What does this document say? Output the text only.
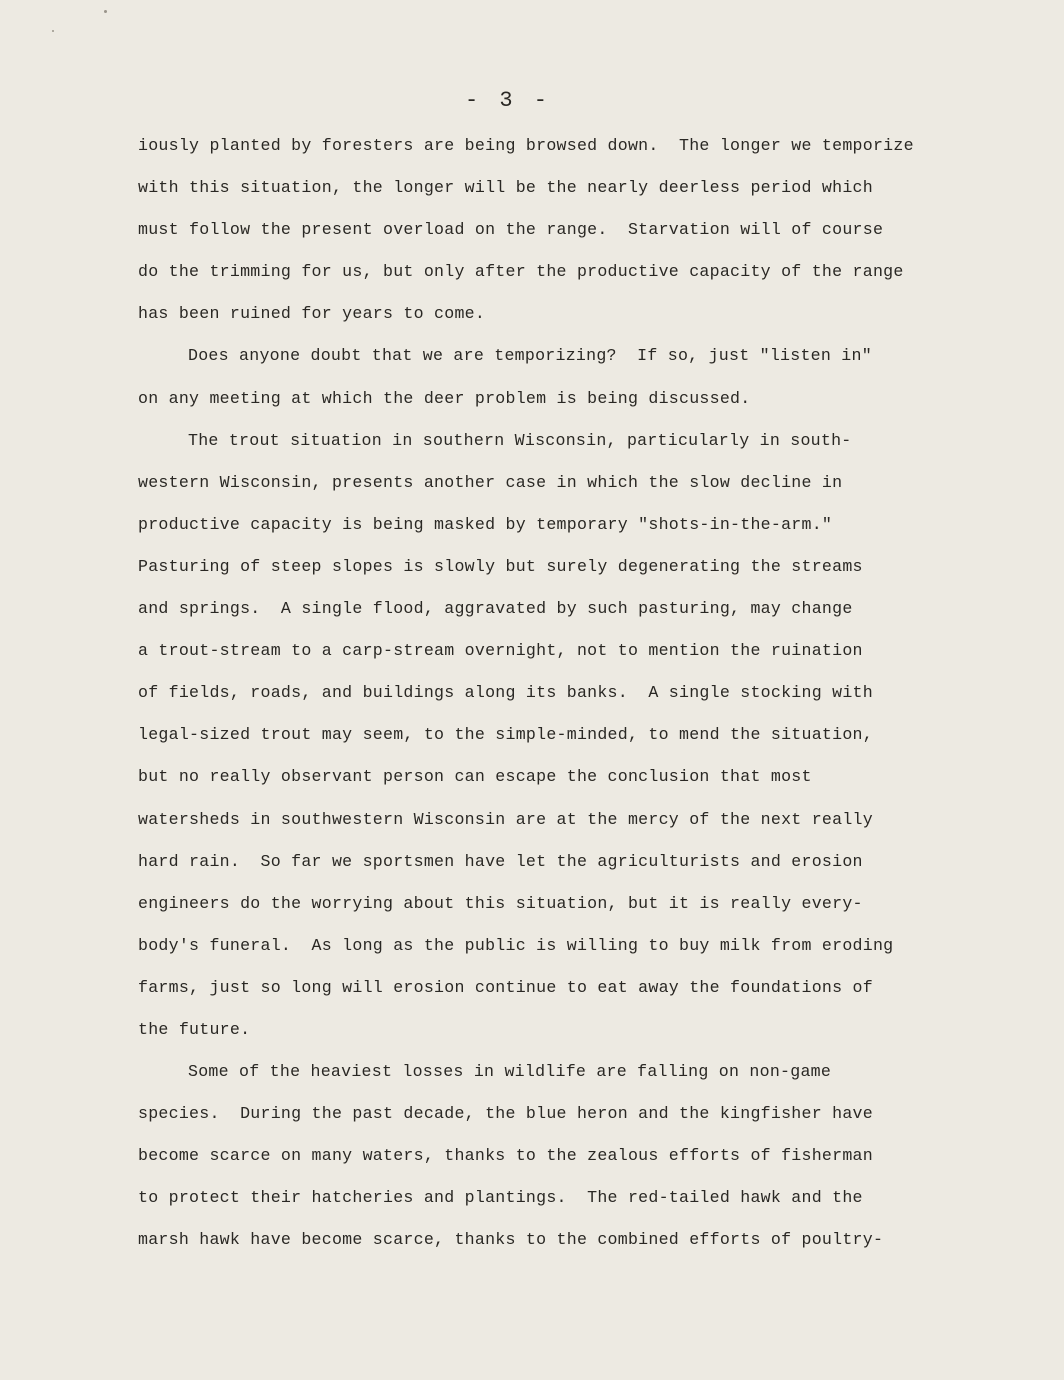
- 3 -
iously planted by foresters are being browsed down.  The longer we temporize
with this situation, the longer will be the nearly deerless period which
must follow the present overload on the range.  Starvation will of course
do the trimming for us, but only after the productive capacity of the range
has been ruined for years to come.
Does anyone doubt that we are temporizing?  If so, just "listen in"
on any meeting at which the deer problem is being discussed.
The trout situation in southern Wisconsin, particularly in south-
western Wisconsin, presents another case in which the slow decline in
productive capacity is being masked by temporary "shots-in-the-arm."
Pasturing of steep slopes is slowly but surely degenerating the streams
and springs.  A single flood, aggravated by such pasturing, may change
a trout-stream to a carp-stream overnight, not to mention the ruination
of fields, roads, and buildings along its banks.  A single stocking with
legal-sized trout may seem, to the simple-minded, to mend the situation,
but no really observant person can escape the conclusion that most
watersheds in southwestern Wisconsin are at the mercy of the next really
hard rain.  So far we sportsmen have let the agriculturists and erosion
engineers do the worrying about this situation, but it is really every-
body's funeral.  As long as the public is willing to buy milk from eroding
farms, just so long will erosion continue to eat away the foundations of
the future.
Some of the heaviest losses in wildlife are falling on non-game
species.  During the past decade, the blue heron and the kingfisher have
become scarce on many waters, thanks to the zealous efforts of fisherman
to protect their hatcheries and plantings.  The red-tailed hawk and the
marsh hawk have become scarce, thanks to the combined efforts of poultry-
